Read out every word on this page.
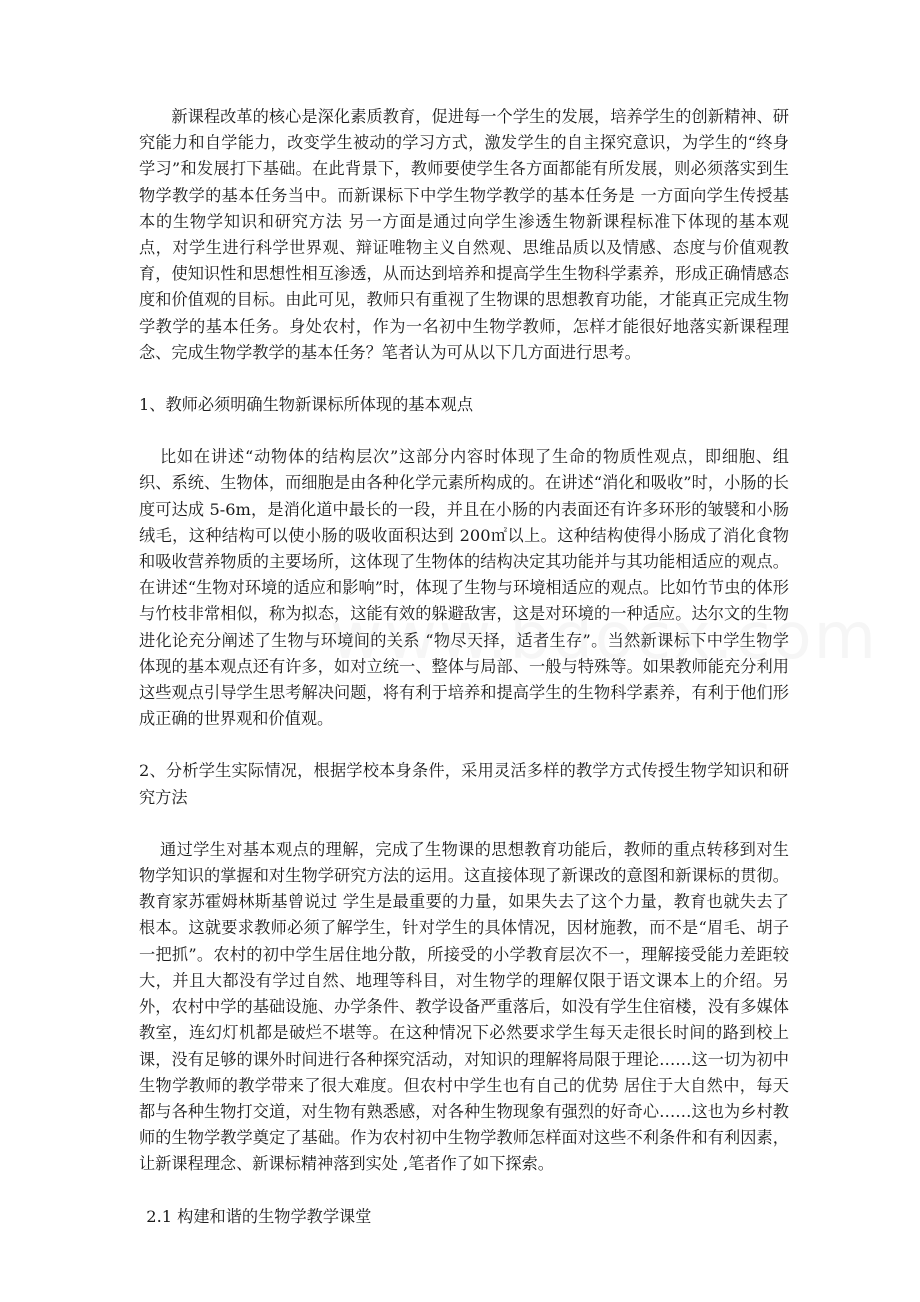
新课程改革的核心是深化素质教育，促进每一个学生的发展，培养学生的创新精神、研究能力和自学能力，改变学生被动的学习方式，激发学生的自主探究意识，为学生的“终身学习”和发展打下基础。在此背景下，教师要使学生各方面都能有所发展，则必须落实到生物学教学的基本任务当中。而新课标下中学生物学教学的基本任务是 一方面向学生传授基本的生物学知识和研究方法 另一方面是通过向学生渗透生物新课程标准下体现的基本观点，对学生进行科学世界观、辩证唯物主义自然观、思维品质以及情感、态度与价值观教育，使知识性和思想性相互渗透，从而达到培养和提高学生生物科学素养，形成正确情感态度和价值观的目标。由此可见，教师只有重视了生物课的思想教育功能，才能真正完成生物学教学的基本任务。身处农村，作为一名初中生物学教师，怎样才能很好地落实新课程理念、完成生物学教学的基本任务？笔者认为可从以下几方面进行思考。

1、教师必须明确生物新课标所体现的基本观点

比如在讲述“动物体的结构层次”这部分内容时体现了生命的物质性观点，即细胞、组织、系统、生物体，而细胞是由各种化学元素所构成的。在讲述“消化和吸收”时，小肠的长度可达成 5-6m，是消化道中最长的一段，并且在小肠的内表面还有许多环形的皱襞和小肠绒毛，这种结构可以使小肠的吸收面积达到 200㎡以上。这种结构使得小肠成了消化食物和吸收营养物质的主要场所，这体现了生物体的结构决定其功能并与其功能相适应的观点。在讲述“生物对环境的适应和影响”时，体现了生物与环境相适应的观点。比如竹节虫的体形与竹枝非常相似，称为拟态，这能有效的躲避敌害，这是对环境的一种适应。达尔文的生物进化论充分阐述了生物与环境间的关系 “物尽天择，适者生存”。当然新课标下中学生物学体现的基本观点还有许多，如对立统一、整体与局部、一般与特殊等。如果教师能充分利用这些观点引导学生思考解决问题，将有利于培养和提高学生的生物科学素养，有利于他们形成正确的世界观和价值观。

2、分析学生实际情况，根据学校本身条件，采用灵活多样的教学方式传授生物学知识和研究方法

通过学生对基本观点的理解，完成了生物课的思想教育功能后，教师的重点转移到对生物学知识的掌握和对生物学研究方法的运用。这直接体现了新课改的意图和新课标的贯彻。教育家苏霍姆林斯基曾说过 学生是最重要的力量，如果失去了这个力量，教育也就失去了根本。这就要求教师必须了解学生，针对学生的具体情况，因材施教，而不是“眉毛、胡子一把抓”。农村的初中学生居住地分散，所接受的小学教育层次不一，理解接受能力差距较大，并且大都没有学过自然、地理等科目，对生物学的理解仅限于语文课本上的介绍。另外，农村中学的基础设施、办学条件、教学设备严重落后，如没有学生住宿楼，没有多媒体教室，连幻灯机都是破烂不堪等。在这种情况下必然要求学生每天走很长时间的路到校上课，没有足够的课外时间进行各种探究活动，对知识的理解将局限于理论……这一切为初中生物学教师的教学带来了很大难度。但农村中学生也有自己的优势 居住于大自然中，每天都与各种生物打交道，对生物有熟悉感，对各种生物现象有强烈的好奇心……这也为乡村教师的生物学教学奠定了基础。作为农村初中生物学教师怎样面对这些不利条件和有利因素，让新课程理念、新课标精神落到实处 ,笔者作了如下探索。

2.1 构建和谐的生物学教学课堂
